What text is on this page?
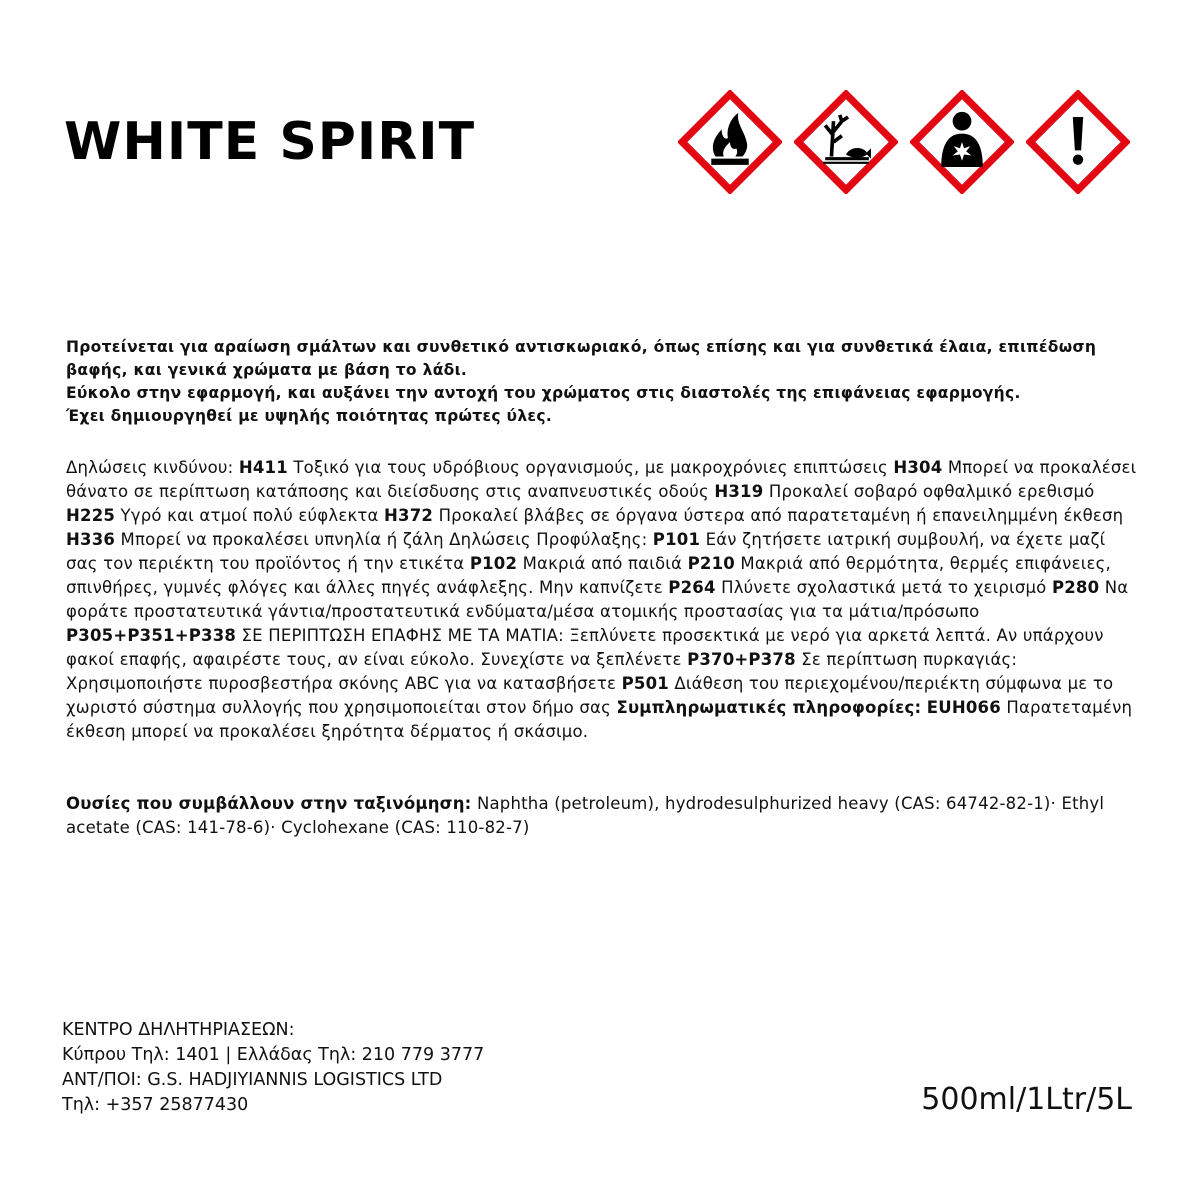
WHITE SPIRIT

Προτείνεται για αραίωση σμάλτων και συνθετικό αντισκωριακό, όπως επίσης και για συνθετικά έλαια, επιπέδωση βαφής, και γενικά χρώματα με βάση το λάδι.

Εύκολο στην εφαρμογή, και αυξάνει την αντοχή του χρώματος στις διαστολές της επιφάνειας εφαρμογής.

Έχει δημιουργηθεί με υψηλής ποιότητας πρώτες ύλες.

Δηλώσεις κινδύνου: H411 Τοξικό για τους υδρόβιους οργανισμούς, με μακροχρόνιες επιπτώσεις H304 Μπορεί να προκαλέσει θάνατο σε περίπτωση κατάποσης και διείσδυσης στις αναπνευστικές οδούς H319 Προκαλεί σοβαρό οφθαλμικό ερεθισμό H225 Υγρό και ατμοί πολύ εύφλεκτα H372 Προκαλεί βλάβες σε όργανα ύστερα από παρατεταμένη ή επανειλημμένη έκθεση H336 Μπορεί να προκαλέσει υπνηλία ή ζάλη Δηλώσεις Προφύλαξης: P101 Εάν ζητήσετε ιατρική συμβουλή, να έχετε μαζί σας τον περιέκτη του προϊόντος ή την ετικέτα P102 Μακριά από παιδιά P210 Μακριά από θερμότητα, θερμές επιφάνειες, σπινθήρες, γυμνές φλόγες και άλλες πηγές ανάφλεξης. Μην καπνίζετε P264 Πλύνετε σχολαστικά μετά το χειρισμό P280 Να φοράτε προστατευτικά γάντια/προστατευτικά ενδύματα/μέσα ατομικής προστασίας για τα μάτια/πρόσωπο P305+P351+P338 ΣΕ ΠΕΡΙΠΤΩΣΗ ΕΠΑΦΗΣ ΜΕ ΤΑ ΜΑΤΙΑ: Ξεπλύνετε προσεκτικά με νερό για αρκετά λεπτά. Αν υπάρχουν φακοί επαφής, αφαιρέστε τους, αν είναι εύκολο. Συνεχίστε να ξεπλένετε P370+P378 Σε περίπτωση πυρκαγιάς: Χρησιμοποιήστε πυροσβεστήρα σκόνης ABC για να κατασβήσετε P501 Διάθεση του περιεχομένου/περιέκτη σύμφωνα με το χωριστό σύστημα συλλογής που χρησιμοποιείται στον δήμο σας Συμπληρωματικές πληροφορίες: EUH066 Παρατεταμένη έκθεση μπορεί να προκαλέσει ξηρότητα δέρματος ή σκάσιμο.
Ουσίες που συμβάλλουν στην ταξινόμηση: Naphtha (petroleum), hydrodesulphurized heavy (CAS: 64742-82-1)· Ethyl acetate (CAS: 141-78-6)· Cyclohexane (CAS: 110-82-7)
ΚΕΝΤΡΟ ΔΗΛΗΤΗΡΙΑΣΕΩΝ:
Κύπρου Τηλ: 1401 | Ελλάδας Τηλ: 210 779 3777
ΑΝΤ/ΠΟΙ: G.S. HADJIYIANNIS LOGISTICS LTD
Τηλ: +357 25877430	500ml/1Ltr/5L
